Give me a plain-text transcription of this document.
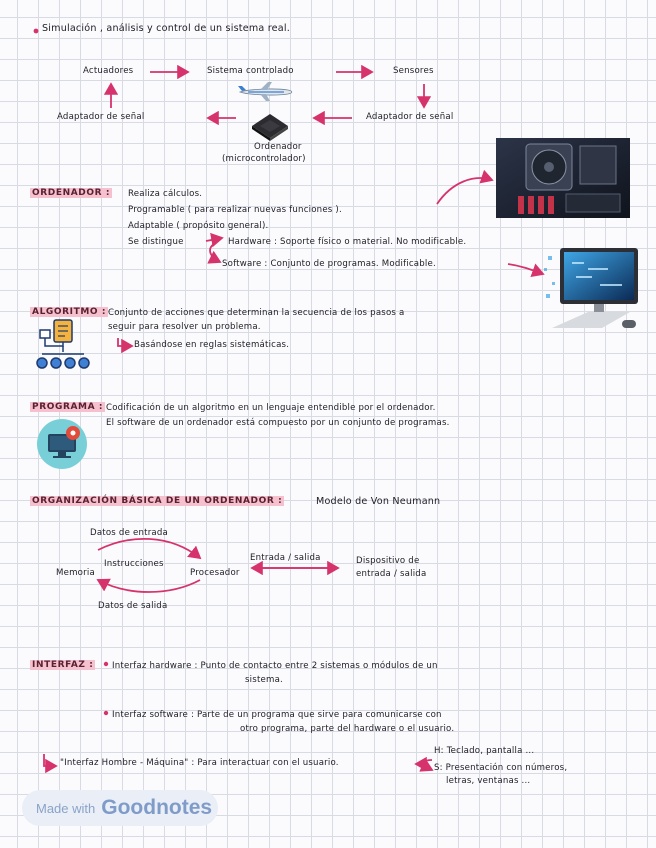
Simulación , análisis y control de un sistema real.
Actuadores	Sistema controlado	Sensores
Adaptador de señal	Adaptador de señal
Ordenador
(microcontrolador)
ORDENADOR : Realiza cálculos.
Programable ( para realizar nuevas funciones ).
Adaptable ( propósito general).
Se distingue	Hardware : Soporte físico o material. No modificable.
Software : Conjunto de programas. Modificable.
ALGORITMO : Conjunto de acciones que determinan la secuencia de los pasos a
seguir para resolver un problema.
Basándose en reglas sistemáticas.
PROGRAMA : Codificación de un algoritmo en un lenguaje entendible por el ordenador.
El software de un ordenador está compuesto por un conjunto de programas.
ORGANIZACIÓN BÁSICA DE UN ORDENADOR :	Modelo de Von Neumann
Datos de entrada
Instrucciones
Memoria	Procesador
Datos de salida
Entrada / salida	Dispositivo de
entrada / salida
INTERFAZ : Interfaz hardware : Punto de contacto entre 2 sistemas o módulos de un
sistema.
Interfaz software : Parte de un programa que sirve para comunicarse con
otro programa, parte del hardware o el usuario.
"Interfaz Hombre - Máquina" : Para interactuar con el usuario.
H: Teclado, pantalla ...
S: Presentación con números,
letras, ventanas ...
Made with Goodnotes
